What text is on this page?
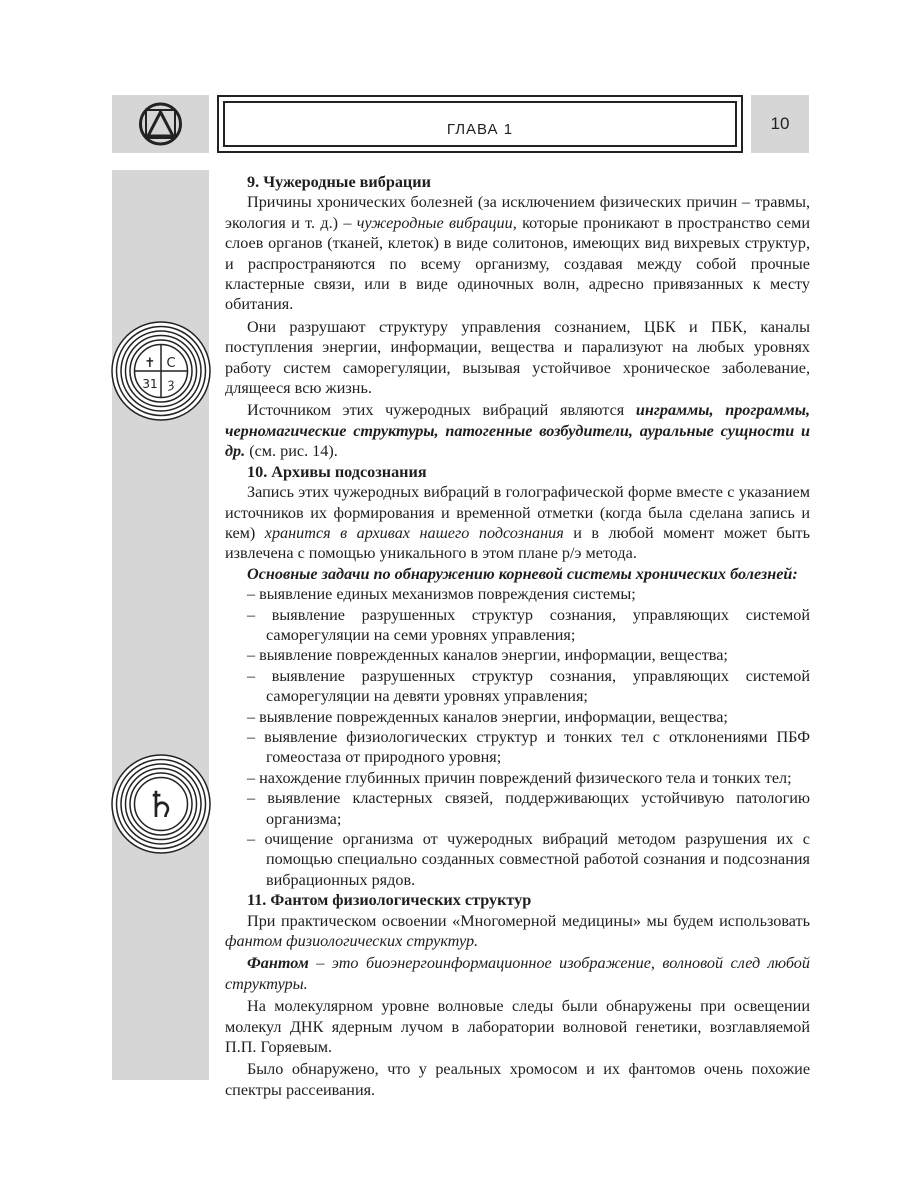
ГЛАВА 1	10
✝ C
31 ȝ
♄

9. Чужеродные вибрации

Причины хронических болезней (за исключением физических причин – травмы, экология и т. д.) – чужеродные вибрации, которые проникают в пространство семи слоев органов (тканей, клеток) в виде солитонов, имеющих вид вихревых структур, и распространяются по всему организму, создавая между собой прочные кластерные связи, или в виде одиночных волн, адресно привязанных к месту обитания.

Они разрушают структуру управления сознанием, ЦБК и ПБК, каналы поступления энергии, информации, вещества и парализуют на любых уровнях работу систем саморегуляции, вызывая устойчивое хроническое заболевание, длящееся всю жизнь.

Источником этих чужеродных вибраций являются инграммы, программы, черномагические структуры, патогенные возбудители, ауральные сущности и др. (см. рис. 14).

10. Архивы подсознания

Запись этих чужеродных вибраций в голографической форме вместе с указанием источников их формирования и временной отметки (когда была сделана запись и кем) хранится в архивах нашего подсознания и в любой момент может быть извлечена с помощью уникального в этом плане р/э метода.

Основные задачи по обнаружению корневой системы хронических болезней:

– выявление единых механизмов повреждения системы;

– выявление разрушенных структур сознания, управляющих системой саморегуляции на семи уровнях управления;

– выявление поврежденных каналов энергии, информации, вещества;

– выявление разрушенных структур сознания, управляющих системой саморегуляции на девяти уровнях управления;

– выявление поврежденных каналов энергии, информации, вещества;

– выявление физиологических структур и тонких тел с отклонениями ПБФ гомеостаза от природного уровня;

– нахождение глубинных причин повреждений физического тела и тонких тел;

– выявление кластерных связей, поддерживающих устойчивую патологию организма;

– очищение организма от чужеродных вибраций методом разрушения их с помощью специально созданных совместной работой сознания и подсознания вибрационных рядов.

11. Фантом физиологических структур

При практическом освоении «Многомерной медицины» мы будем использовать фантом физиологических структур.

Фантом – это биоэнергоинформационное изображение, волновой след любой структуры.

На молекулярном уровне волновые следы были обнаружены при освещении молекул ДНК ядерным лучом в лаборатории волновой генетики, возглавляемой П.П. Горяевым.

Было обнаружено, что у реальных хромосом и их фантомов очень похожие спектры рассеивания.
